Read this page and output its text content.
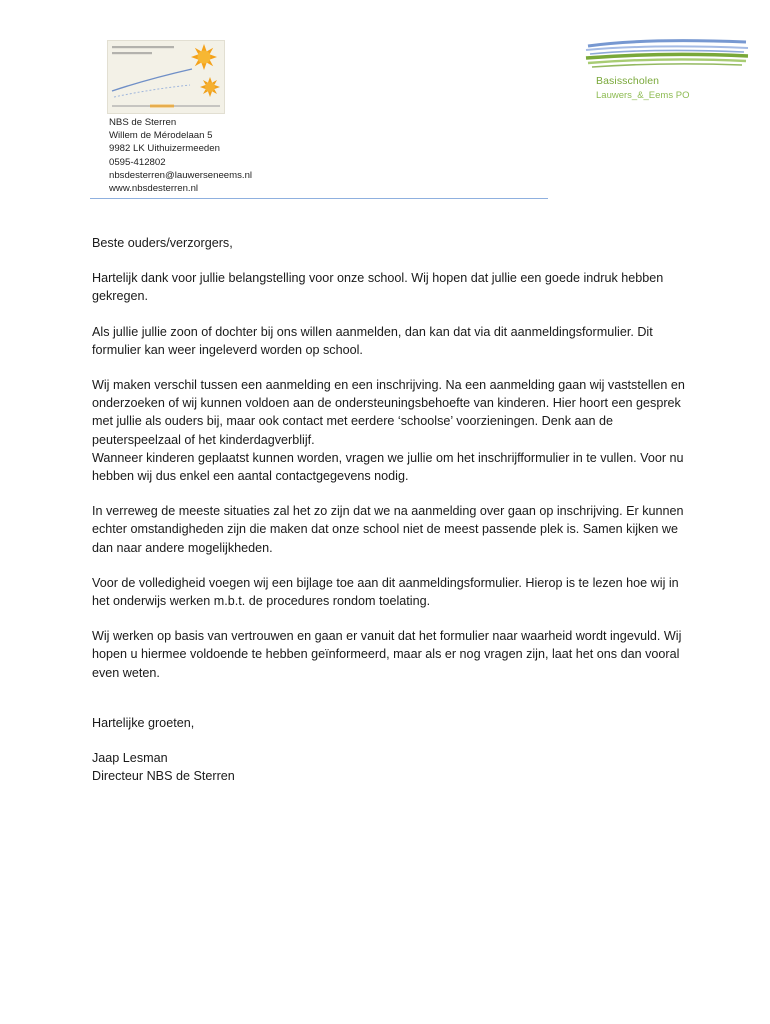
NBS de Sterren
Willem de Mérodelaan 5
9982 LK Uithuizermeeden
0595-412802
nbsdesterren@lauwerseneems.nl
www.nbsdesterren.nl
Basisscholen
Lauwers_&_Eems PO

Beste ouders/verzorgers,

Hartelijk dank voor jullie belangstelling voor onze school. Wij hopen dat jullie een goede indruk hebben gekregen.

Als jullie jullie zoon of dochter bij ons willen aanmelden, dan kan dat via dit aanmeldingsformulier. Dit formulier kan weer ingeleverd worden op school.

Wij maken verschil tussen een aanmelding en een inschrijving. Na een aanmelding gaan wij vaststellen en onderzoeken of wij kunnen voldoen aan de ondersteuningsbehoefte van kinderen. Hier hoort een gesprek met jullie als ouders bij, maar ook contact met eerdere ‘schoolse’ voorzieningen. Denk aan de peuterspeelzaal of het kinderdagverblijf.

Wanneer kinderen geplaatst kunnen worden, vragen we jullie om het inschrijfformulier in te vullen. Voor nu hebben wij dus enkel een aantal contactgegevens nodig.

In verreweg de meeste situaties zal het zo zijn dat we na aanmelding over gaan op inschrijving. Er kunnen echter omstandigheden zijn die maken dat onze school niet de meest passende plek is. Samen kijken we dan naar andere mogelijkheden.

Voor de volledigheid voegen wij een bijlage toe aan dit aanmeldingsformulier. Hierop is te lezen hoe wij in het onderwijs werken m.b.t. de procedures rondom toelating.

Wij werken op basis van vertrouwen en gaan er vanuit dat het formulier naar waarheid wordt ingevuld. Wij hopen u hiermee voldoende te hebben geïnformeerd, maar als er nog vragen zijn, laat het ons dan vooral even weten.

Hartelijke groeten,

Jaap Lesman
Directeur NBS de Sterren
